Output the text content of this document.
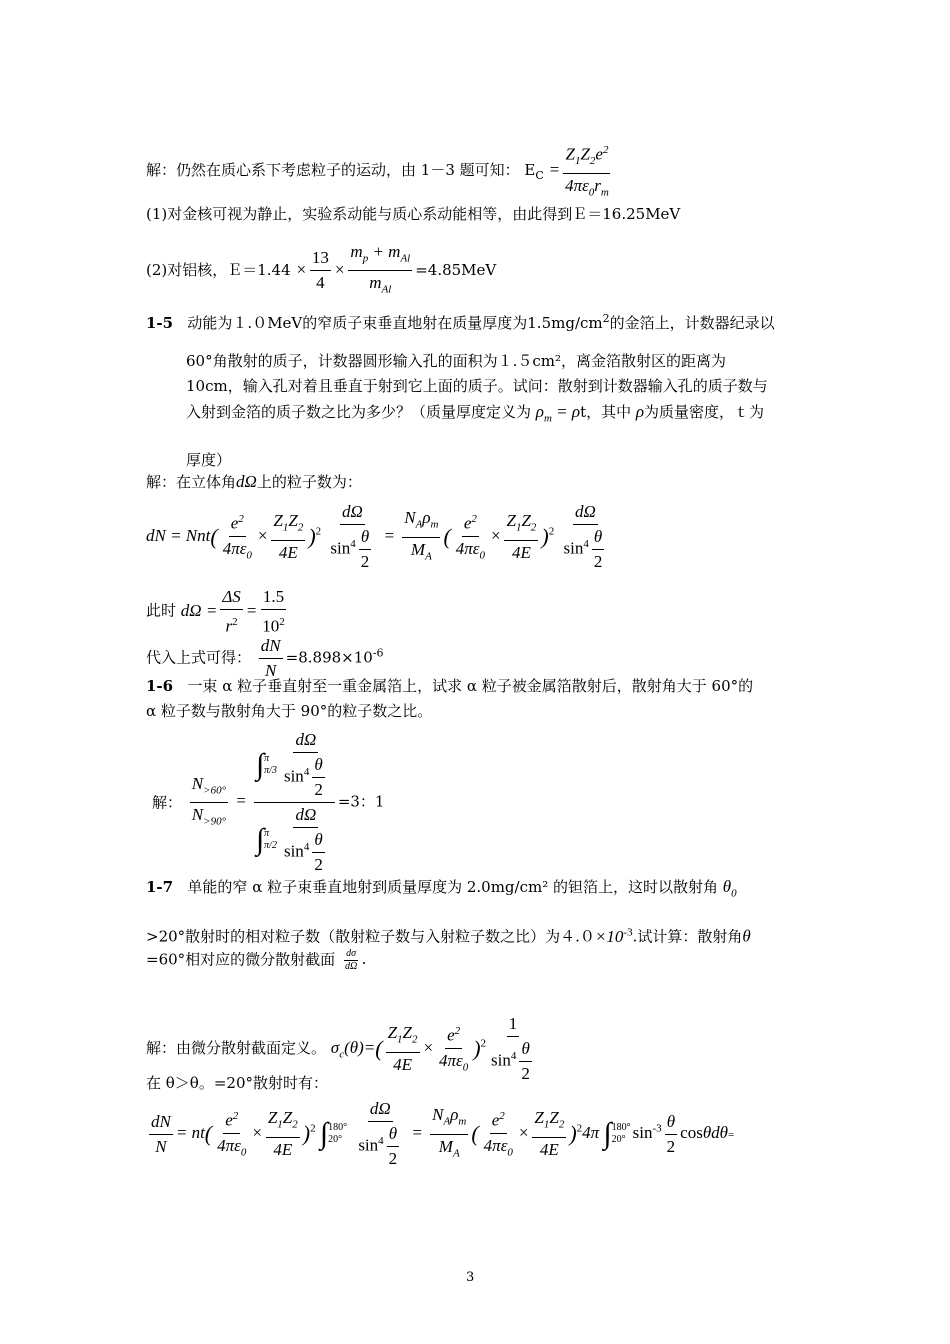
解：仍然在质心系下考虑粒子的运动，由 1－3 题可知： $E_C = \frac{Z_1Z_2e^2}{4\pi\varepsilon_0r_m}$
(1)对金核可视为静止，实验系动能与质心系动能相等，由此得到Ｅ＝16.25MeV
(2)对铝核，Ｅ＝1.44 × $\frac{13}{4} \times \frac{m_p + m_{Al}}{m_{Al}} =4.85MeV$
1-5 动能为１.０MeV的窄质子束垂直地射在质量厚度为$1.5mg/cm^2$的金箔上，计数器纪录以
60°角散射的质子，计数器圆形输入孔的面积为１.５cm²，离金箔散射区的距离为
10cm，输入孔对着且垂直于射到它上面的质子。试问：散射到计数器输入孔的质子数与
入射到金箔的质子数之比为多少？（质量厚度定义为 $\rho_m = \rho t$，其中 ρ为质量密度，ｔ为
厚度）
解：在立体角dΩ上的粒子数为：
dN = $Nnt( \frac{e^2}{4\pi\varepsilon_0} \times \frac{Z_1Z_2}{4E} )^2 \frac{d\Omega}{\sin^4 \frac{\theta}{2}} = \frac{N_A\rho_m}{M_A}$ ( $\frac{e^2}{4\pi\varepsilon_0} \times \frac{Z_1Z_2}{4E} )^2 \frac{d\Omega}{\sin^4 \frac{\theta}{2}}$
此时 $d\Omega = \frac{\Delta S}{r^2} = \frac{1.5}{10^2}$
代入上式可得： $\frac{dN}{N} =8.898\times 10^{-6}$
1-6 一束 α 粒子垂直射至一重金属箔上，试求 α 粒子被金属箔散射后，散射角大于 60°的
α 粒子数与散射角大于 90°的粒子数之比。
解： $\frac{N_{>60^\circ}}{N_{>90^\circ}}$ = ∫ π
$\pi/3 \frac{d\Omega}{\sin^4 \frac{\theta}{2}}$
∫ π
$\pi/2 \frac{d\Omega}{\sin^4 \frac{\theta}{2}} =3$：1
1-7 单能的窄 α 粒子束垂直地射到质量厚度为 2.0mg/cm² 的钽箔上，这时以散射角 $\theta_0$
>20°散射时的相对粒子数（散射粒子数与入射粒子数之比）为$4.0\times 10^{-3}$.试计算：散射角θ
=60°相对应的微分散射截面 $\frac{d\sigma}{d\Omega}$ .
解：由微分散射截面定义。 $\sigma_c(\theta)=( \frac{Z_1Z_2}{4E} \times \frac{e^2}{4\pi\varepsilon_0} )^2 \frac{1}{\sin^4 \frac{\theta}{2}}$
在 θ＞θ。=20°散射时有：
$\frac{dN}{N} = nt( \frac{e^2}{4\pi\varepsilon_0} \times \frac{Z_1Z_2}{4E} )^2$ ∫ 180°
20°
$\frac{d\Omega}{\sin^4 \frac{\theta}{2}} = \frac{N_A\rho_m}{M_A}$ ( $\frac{e^2}{4\pi\varepsilon_0} \times \frac{Z_1Z_2}{4E} )^24\pi$ ∫ 180°
20° $\sin^{-3} \frac{\theta}{2} \cos\theta d\theta=$
3
